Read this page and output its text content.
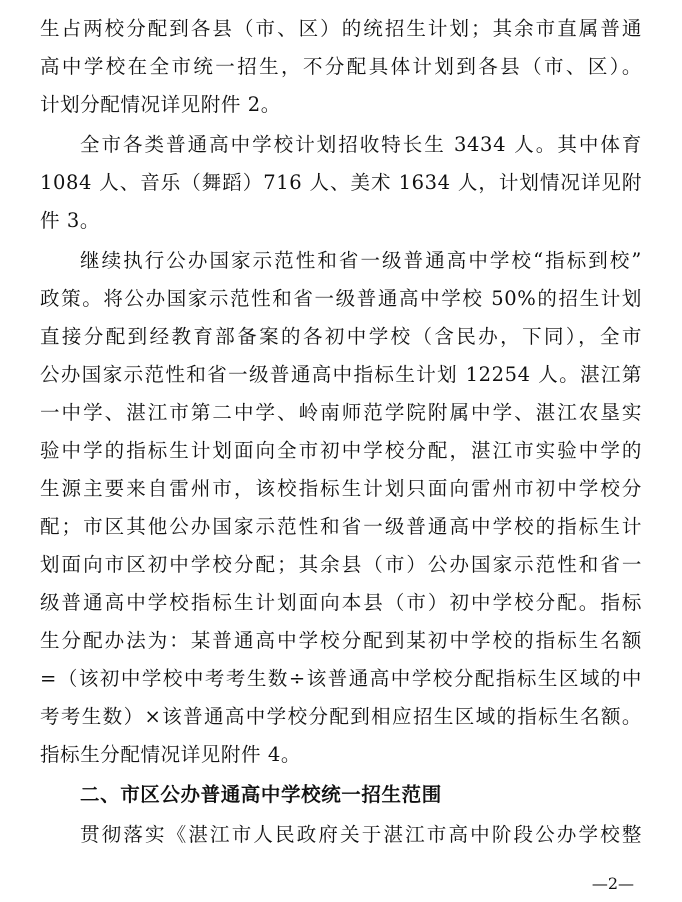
生占两校分配到各县（市、区）的统招生计划；其余市直属普通
高中学校在全市统一招生，不分配具体计划到各县（市、区）。
计划分配情况详见附件 2。
全市各类普通高中学校计划招收特长生 3434 人。其中体育
1084 人、音乐（舞蹈）716 人、美术 1634 人，计划情况详见附
件 3。
继续执行公办国家示范性和省一级普通高中学校“指标到校”
政策。将公办国家示范性和省一级普通高中学校 50%的招生计划
直接分配到经教育部备案的各初中学校（含民办，下同），全市
公办国家示范性和省一级普通高中指标生计划 12254 人。湛江第
一中学、湛江市第二中学、岭南师范学院附属中学、湛江农垦实
验中学的指标生计划面向全市初中学校分配，湛江市实验中学的
生源主要来自雷州市，该校指标生计划只面向雷州市初中学校分
配；市区其他公办国家示范性和省一级普通高中学校的指标生计
划面向市区初中学校分配；其余县（市）公办国家示范性和省一
级普通高中学校指标生计划面向本县（市）初中学校分配。指标
生分配办法为：某普通高中学校分配到某初中学校的指标生名额
=（该初中学校中考考生数÷该普通高中学校分配指标生区域的中
考考生数）×该普通高中学校分配到相应招生区域的指标生名额。
指标生分配情况详见附件 4。
二、市区公办普通高中学校统一招生范围
贯彻落实《湛江市人民政府关于湛江市高中阶段公办学校整
—2—
